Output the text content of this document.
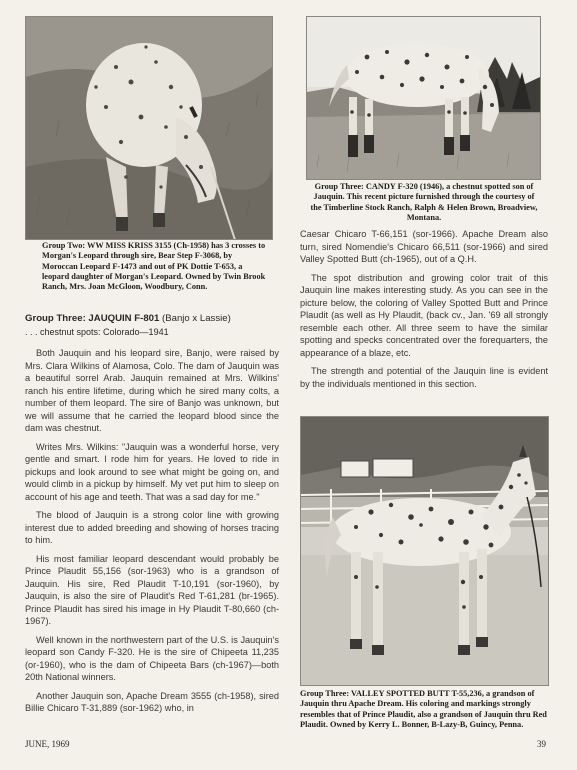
Group Two: WW MISS KRISS 3155 (Ch-1958) has 3 crosses to Morgan's Leopard through sire, Bear Step F-3068, by Moroccan Leopard F-1473 and out of PK Dottie T-653, a leopard daughter of Morgan's Leopard. Owned by Twin Brook Ranch, Mrs. Joan McGloon, Woodbury, Conn.
Group Three: CANDY F-320 (1946), a chestnut spotted son of Jauquin. This recent picture furnished through the courtesy of the Timberline Stock Ranch, Ralph & Helen Brown, Broadview, Montana.
Group Three: JAUQUIN F-801 (Banjo x Lassie)
. . . chestnut spots: Colorado—1941

Both Jauquin and his leopard sire, Banjo, were raised by Mrs. Clara Wilkins of Alamosa, Colo. The dam of Jauquin was a beautiful sorrel Arab. Jauquin remained at Mrs. Wilkins' ranch his entire lifetime, during which he sired many colts, a number of them leopard. The sire of Banjo was unknown, but we will assume that he carried the leopard blood since the dam was chestnut.

Writes Mrs. Wilkins: "Jauquin was a wonderful horse, very gentle and smart. I rode him for years. He loved to ride in pickups and look around to see what might be going on, and would climb in a pickup by himself. My vet put him to sleep on account of his age and teeth. That was a sad day for me."

The blood of Jauquin is a strong color line with growing interest due to added breeding and showing of horses tracing to him.

His most familiar leopard descendant would probably be Prince Plaudit 55,156 (sor-1963) who is a grandson of Jauquin. His sire, Red Plaudit T-10,191 (sor-1960), by Jauquin, is also the sire of Plaudit's Red T-61,281 (br-1965). Prince Plaudit has sired his image in Hy Plaudit T-80,660 (ch-1967).

Well known in the northwestern part of the U.S. is Jauquin's leopard son Candy F-320. He is the sire of Chipeeta 11,235 (or-1960), who is the dam of Chipeeta Bars (ch-1967)—both 20th National winners.

Another Jauquin son, Apache Dream 3555 (ch-1958), sired Billie Chicaro T-31,889 (sor-1962) who, in

Caesar Chicaro T-66,151 (sor-1966). Apache Dream also turn, sired Nomendie's Chicaro 66,511 (sor-1966) and sired Valley Spotted Butt (ch-1965), out of a Q.H.

The spot distribution and growing color trait of this Jauquin line makes interesting study. As you can see in the picture below, the coloring of Valley Spotted Butt and Prince Plaudit (as well as Hy Plaudit, (back cv., Jan. '69 all strongly resemble each other. All three seem to have the similar spotting and specks concentrated over the forequarters, the appearance of a blaze, etc.

The strength and potential of the Jauquin line is evident by the individuals mentioned in this section.

Group Three: VALLEY SPOTTED BUTT T-55,236, a grandson of Jauquin thru Apache Dream. His coloring and markings strongly resembles that of Prince Plaudit, also a grandson of Jauquin thru Red Plaudit. Owned by Kerry L. Bonner, B-Lazy-B, Guincy, Penna.
JUNE, 1969	39
